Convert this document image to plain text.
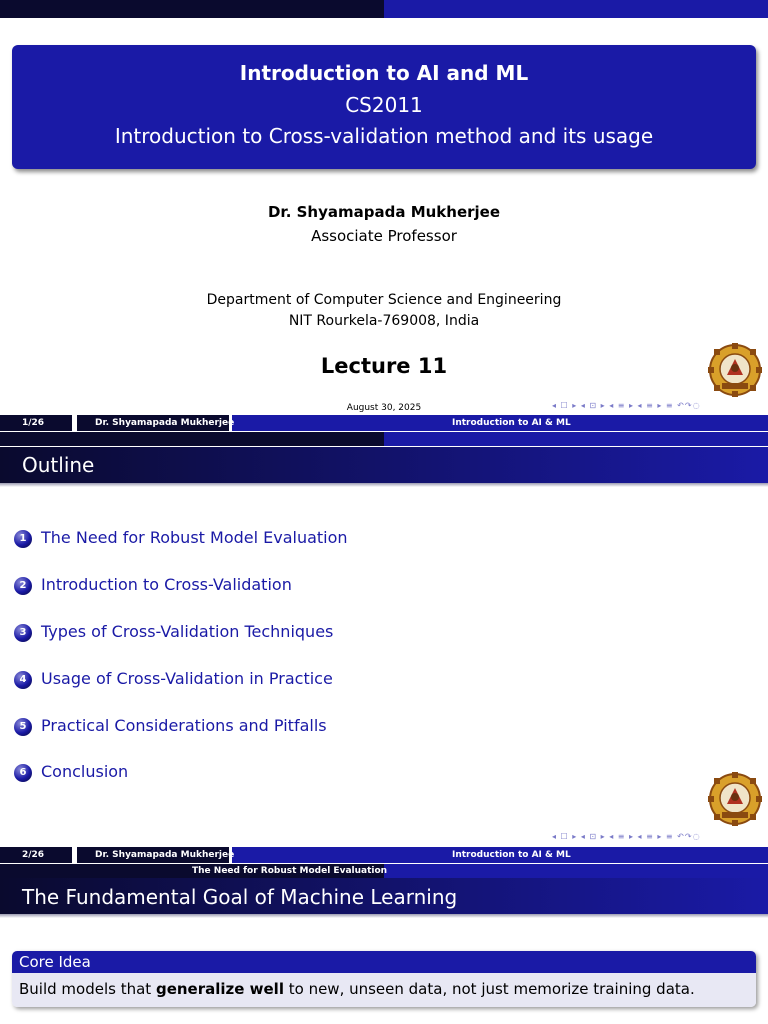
Introduction to AI and ML
CS2011
Introduction to Cross-validation method and its usage
Dr. Shyamapada Mukherjee
Associate Professor
Department of Computer Science and Engineering
NIT Rourkela-769008, India
Lecture 11
August 30, 2025	◂ ☐ ▸ ◂ ⊡ ▸ ◂ ≡ ▸ ◂ ≡ ▸ ≡ ↶↷◌
1/26	Dr. Shyamapada Mukherjee	Introduction to AI & ML
Outline
1 The Need for Robust Model Evaluation
2 Introduction to Cross-Validation
3 Types of Cross-Validation Techniques
4 Usage of Cross-Validation in Practice
5 Practical Considerations and Pitfalls
6 Conclusion
◂ ☐ ▸ ◂ ⊡ ▸ ◂ ≡ ▸ ◂ ≡ ▸ ≡ ↶↷◌
2/26	Dr. Shyamapada Mukherjee	Introduction to AI & ML
The Need for Robust Model Evaluation
The Fundamental Goal of Machine Learning
Core Idea
Build models that generalize well to new, unseen data, not just memorize training data.
